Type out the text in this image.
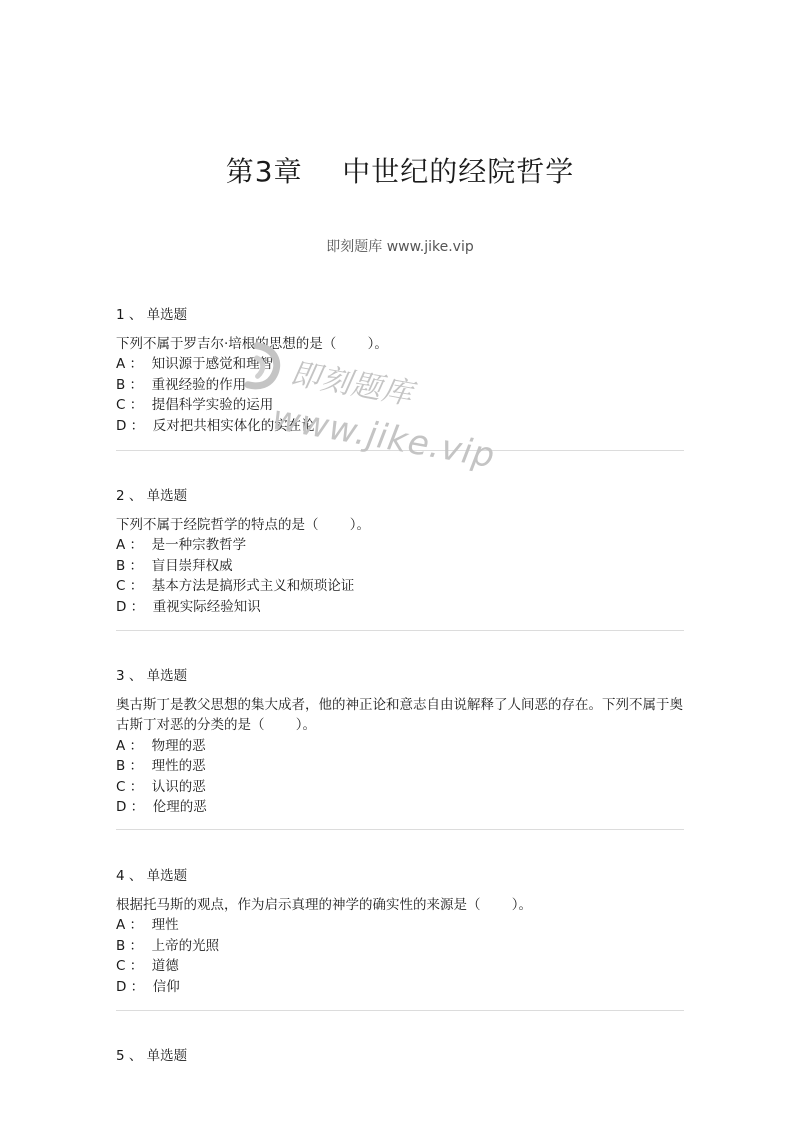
第3章    中世纪的经院哲学
即刻题库 www.jike.vip
1 、 单选题
下列不属于罗吉尔·培根的思想的是（　　 ）。
A ：  知识源于感觉和理智
B ：  重视经验的作用
C ：  提倡科学实验的运用
D ：  反对把共相实体化的实在论
2 、 单选题
下列不属于经院哲学的特点的是（　　 ）。
A ：  是一种宗教哲学
B ：  盲目崇拜权威
C ：  基本方法是搞形式主义和烦琐论证
D ：  重视实际经验知识
3 、 单选题
奥古斯丁是教父思想的集大成者，他的神正论和意志自由说解释了人间恶的存在。下列不属于奥古斯丁对恶的分类的是（　　 ）。
A ：  物理的恶
B ：  理性的恶
C ：  认识的恶
D ：  伦理的恶
4 、 单选题
根据托马斯的观点，作为启示真理的神学的确实性的来源是（　　 ）。
A ：  理性
B ：  上帝的光照
C ：  道德
D ：  信仰
5 、 单选题
即刻题库
www.jike.vip
